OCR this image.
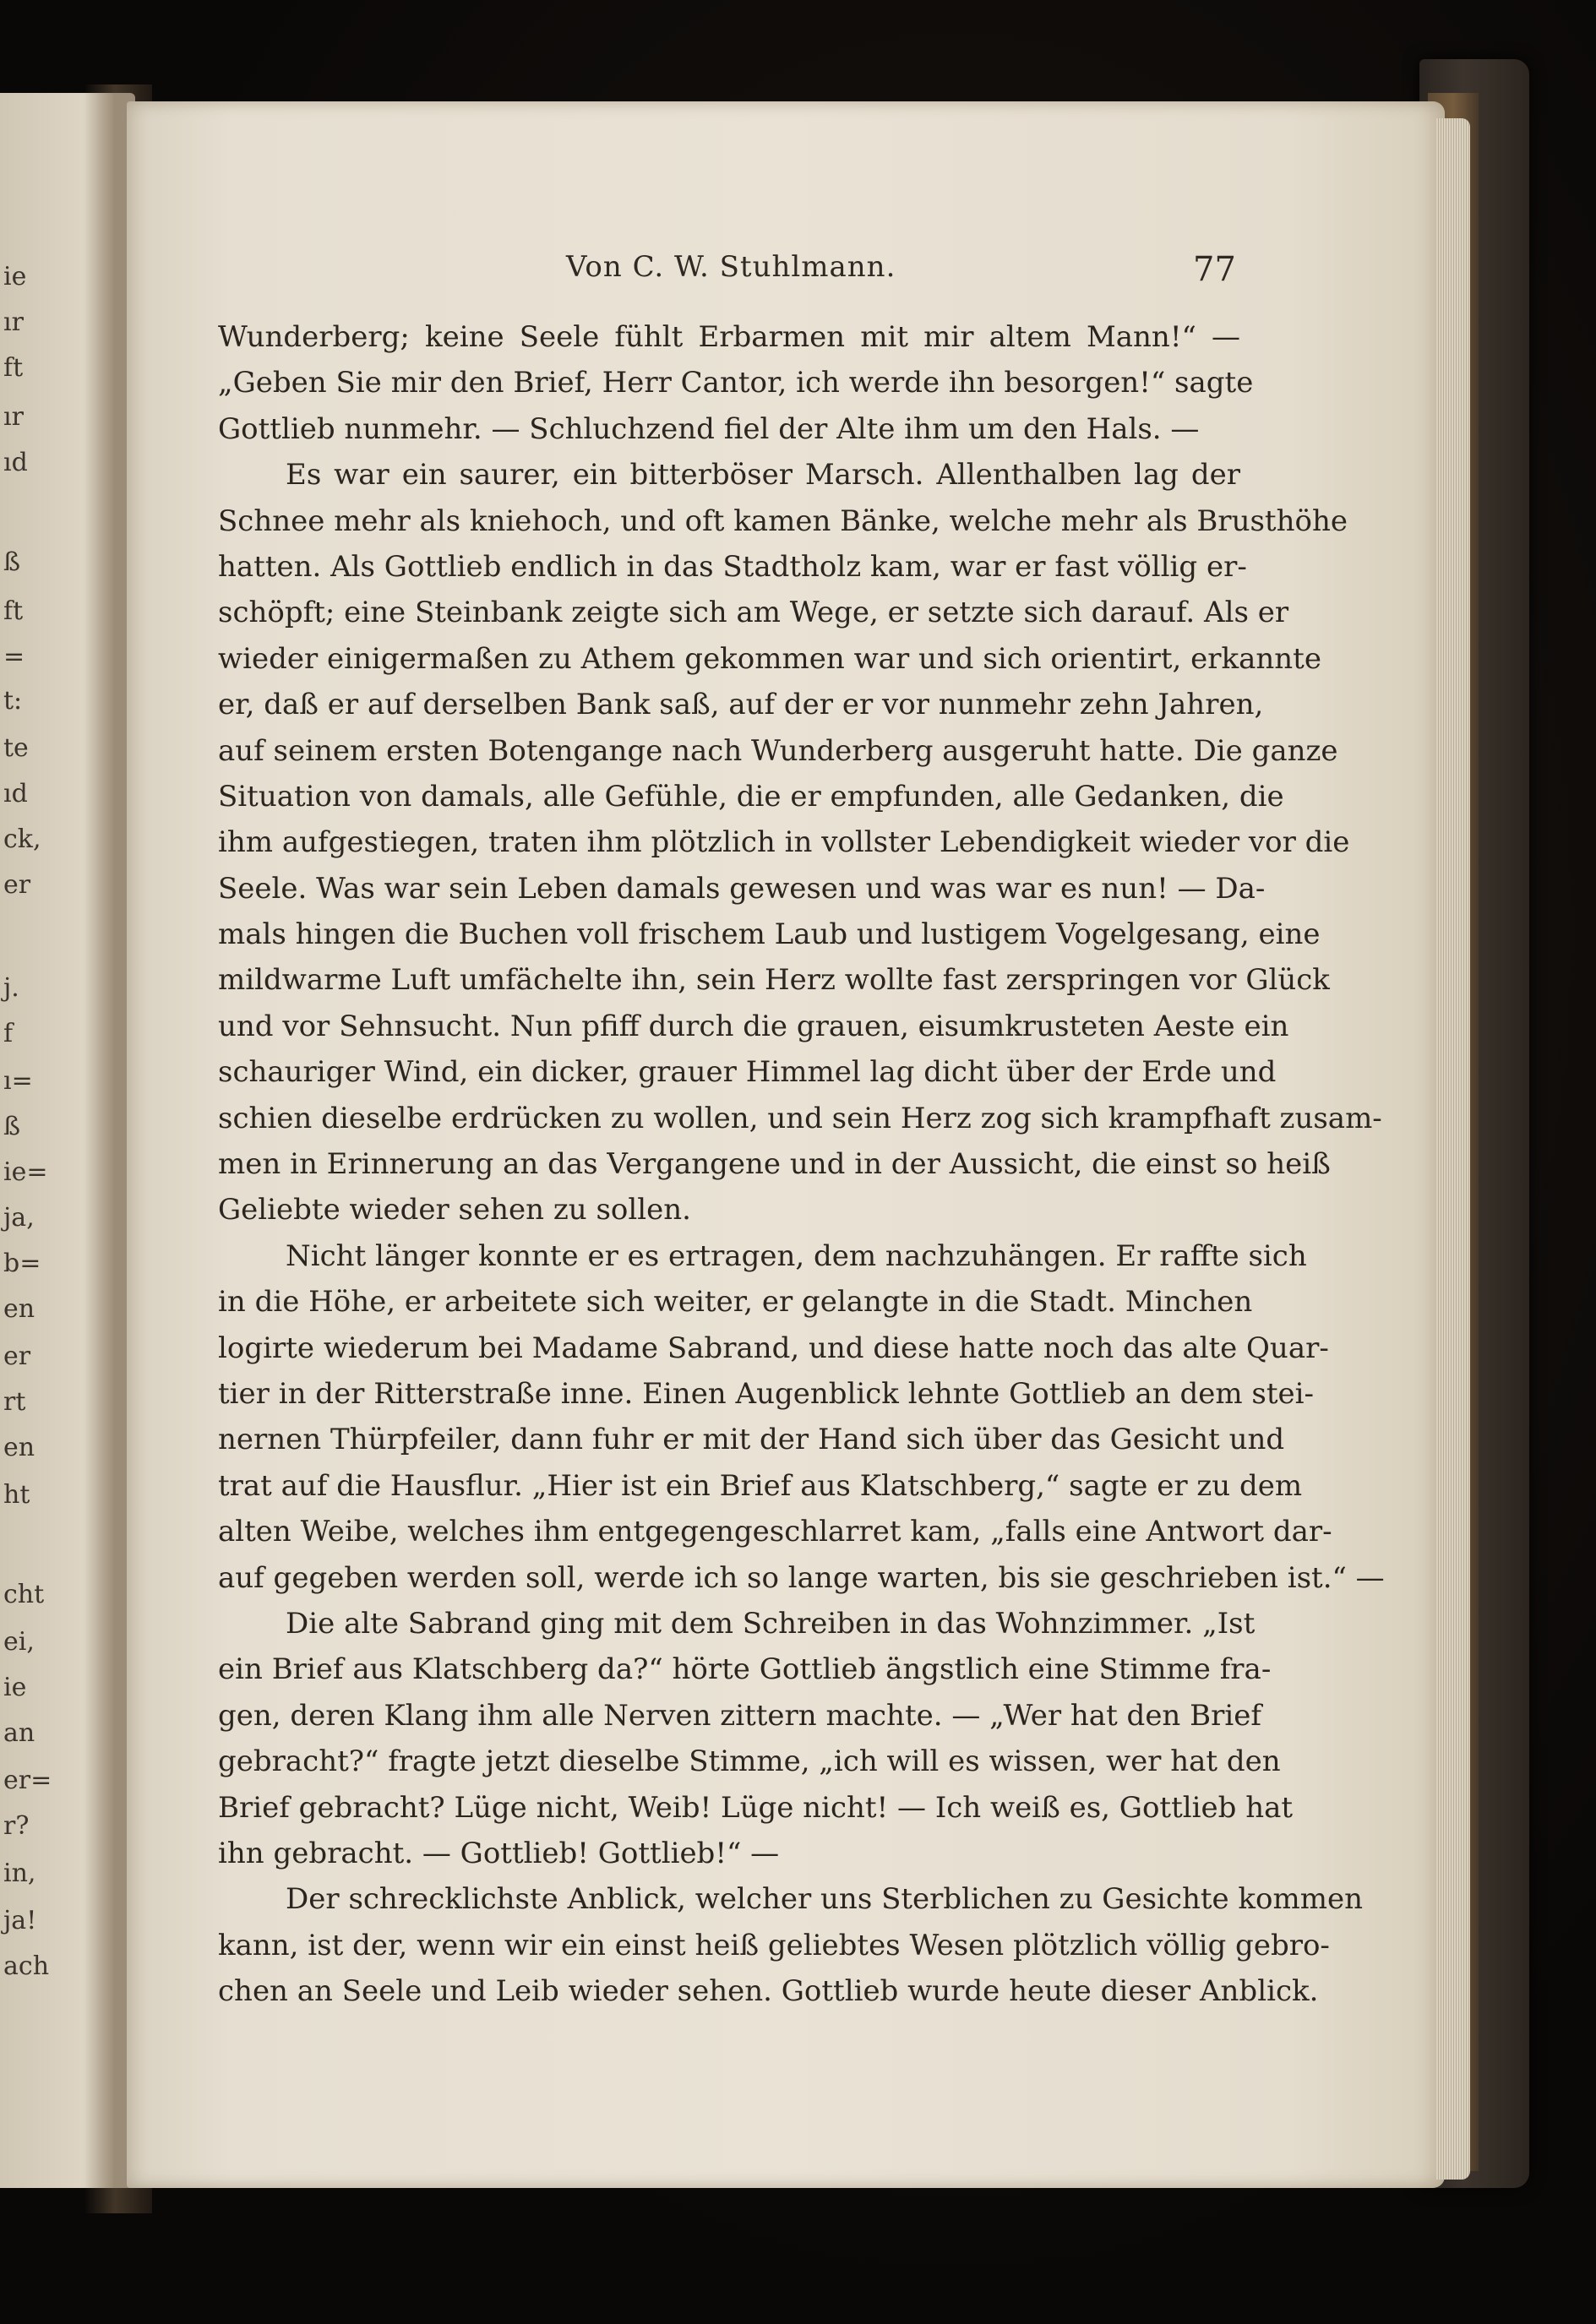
ie
ır
ft
ır
ıd
ß
ft
=
t:
te
ıd
ck,
er
j.
f
ı=
ß
ie=
ja,
b=
en
er
rt
en
ht
cht
ei,
ie
an
er=
r?
in,
ja!
ach
Von C. W. Stuhlmann.	77
Wunderberg; keine Seele fühlt Erbarmen mit mir altem Mann!“ —
„Geben Sie mir den Brief, Herr Cantor, ich werde ihn besorgen!“ sagte
Gottlieb nunmehr. — Schluchzend fiel der Alte ihm um den Hals. —
Es war ein saurer, ein bitterböser Marsch. Allenthalben lag der
Schnee mehr als kniehoch, und oft kamen Bänke, welche mehr als Brusthöhe
hatten. Als Gottlieb endlich in das Stadtholz kam, war er fast völlig er-
schöpft; eine Steinbank zeigte sich am Wege, er setzte sich darauf. Als er
wieder einigermaßen zu Athem gekommen war und sich orientirt, erkannte
er, daß er auf derselben Bank saß, auf der er vor nunmehr zehn Jahren,
auf seinem ersten Botengange nach Wunderberg ausgeruht hatte. Die ganze
Situation von damals, alle Gefühle, die er empfunden, alle Gedanken, die
ihm aufgestiegen, traten ihm plötzlich in vollster Lebendigkeit wieder vor die
Seele. Was war sein Leben damals gewesen und was war es nun! — Da-
mals hingen die Buchen voll frischem Laub und lustigem Vogelgesang, eine
mildwarme Luft umfächelte ihn, sein Herz wollte fast zerspringen vor Glück
und vor Sehnsucht. Nun pfiff durch die grauen, eisumkrusteten Aeste ein
schauriger Wind, ein dicker, grauer Himmel lag dicht über der Erde und
schien dieselbe erdrücken zu wollen, und sein Herz zog sich krampfhaft zusam-
men in Erinnerung an das Vergangene und in der Aussicht, die einst so heiß
Geliebte wieder sehen zu sollen.
Nicht länger konnte er es ertragen, dem nachzuhängen. Er raffte sich
in die Höhe, er arbeitete sich weiter, er gelangte in die Stadt. Minchen
logirte wiederum bei Madame Sabrand, und diese hatte noch das alte Quar-
tier in der Ritterstraße inne. Einen Augenblick lehnte Gottlieb an dem stei-
nernen Thürpfeiler, dann fuhr er mit der Hand sich über das Gesicht und
trat auf die Hausflur. „Hier ist ein Brief aus Klatschberg,“ sagte er zu dem
alten Weibe, welches ihm entgegengeschlarret kam, „falls eine Antwort dar-
auf gegeben werden soll, werde ich so lange warten, bis sie geschrieben ist.“ —
Die alte Sabrand ging mit dem Schreiben in das Wohnzimmer. „Ist
ein Brief aus Klatschberg da?“ hörte Gottlieb ängstlich eine Stimme fra-
gen, deren Klang ihm alle Nerven zittern machte. — „Wer hat den Brief
gebracht?“ fragte jetzt dieselbe Stimme, „ich will es wissen, wer hat den
Brief gebracht? Lüge nicht, Weib! Lüge nicht! — Ich weiß es, Gottlieb hat
ihn gebracht. — Gottlieb! Gottlieb!“ —
Der schrecklichste Anblick, welcher uns Sterblichen zu Gesichte kommen
kann, ist der, wenn wir ein einst heiß geliebtes Wesen plötzlich völlig gebro-
chen an Seele und Leib wieder sehen. Gottlieb wurde heute dieser Anblick.
